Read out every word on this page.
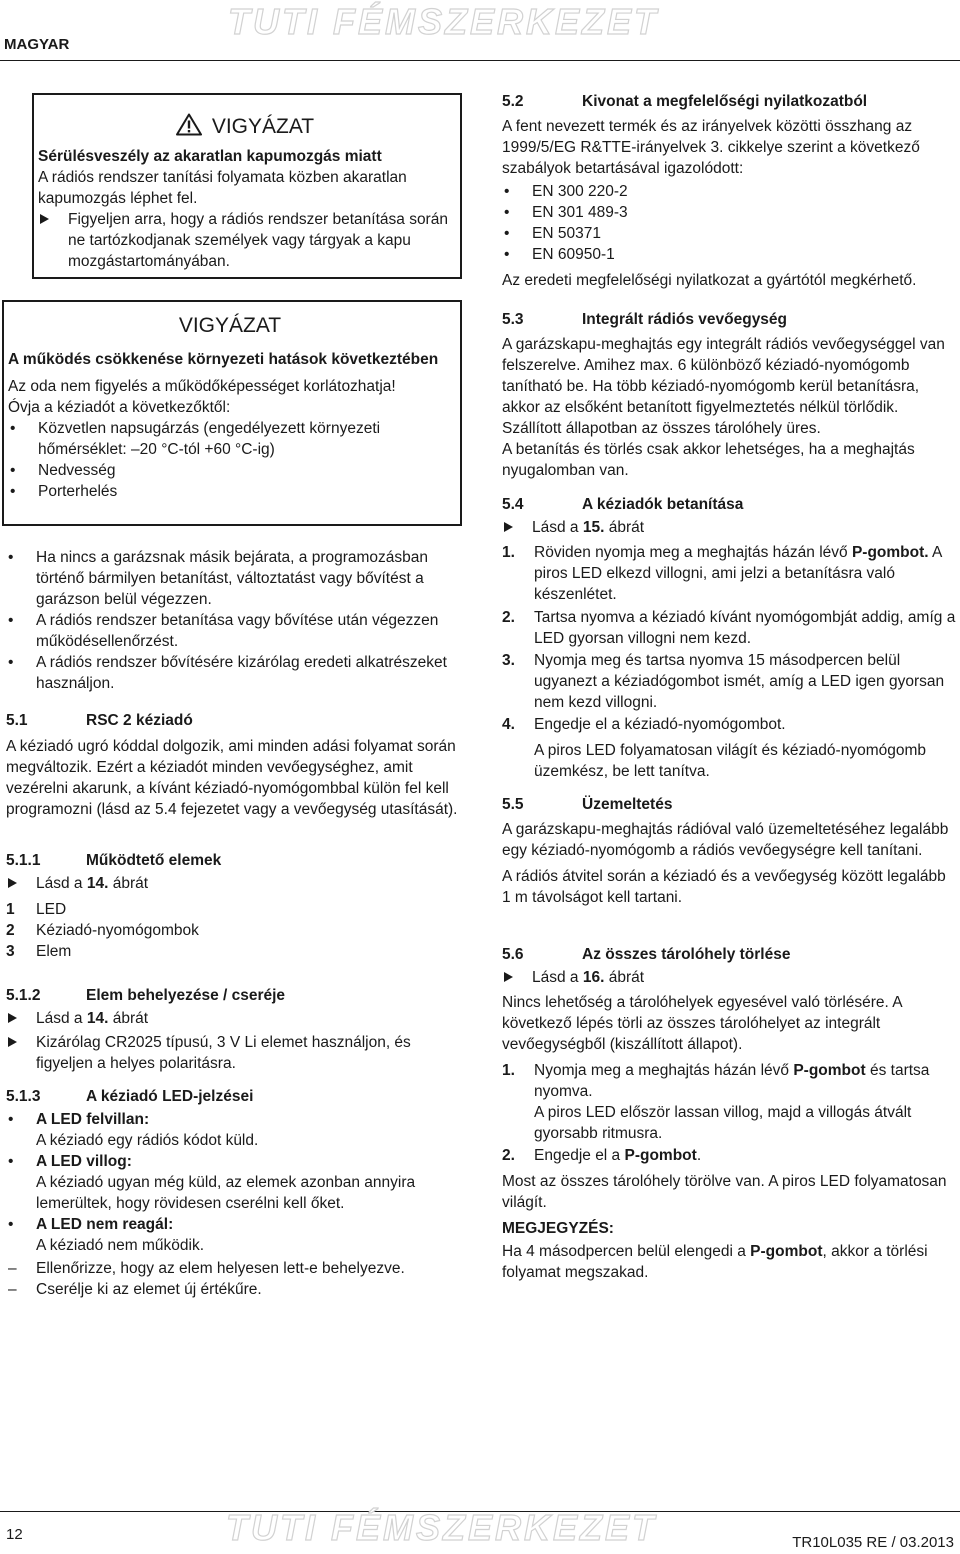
TUTI FÉMSZERKEZET
MAGYAR
VIGYÁZAT

Sérülésveszély az akaratlan kapumozgás miatt

A rádiós rendszer tanítási folyamata közben akaratlan kapumozgás léphet fel.

Figyeljen arra, hogy a rádiós rendszer betanítása során ne tartózkodjanak személyek vagy tárgyak a kapu mozgástartományában.
VIGYÁZAT

A működés csökkenése környezeti hatások következtében

Az oda nem figyelés a működőképességet korlátozhatja!

Óvja a kéziadót a következőktől:

• Közvetlen napsugárzás (engedélyezett környezeti hőmérséklet: –20 °C-tól +60 °C-ig)
• Nedvesség
• Porterhelés
• Ha nincs a garázsnak másik bejárata, a programozásban történő bármilyen betanítást, változtatást vagy bővítést a garázson belül végezzen.
• A rádiós rendszer betanítása vagy bővítése után végezzen működésellenőrzést.
• A rádiós rendszer bővítésére kizárólag eredeti alkatrészeket használjon.
5.1	RSC 2 kéziadó

A kéziadó ugró kóddal dolgozik, ami minden adási folyamat során megváltozik. Ezért a kéziadót minden vevőegységhez, amit vezérelni akarunk, a kívánt kéziadó-nyomógombbal külön fel kell programozni (lásd az 5.4 fejezetet vagy a vevőegység utasítását).

5.1.1	Működtető elemek
Lásd a 14. ábrát
1 LED
2 Kéziadó-nyomógombok
3 Elem
5.1.2	Elem behelyezése / cseréje
Lásd a 14. ábrát
Kizárólag CR2025 típusú, 3 V Li elemet használjon, és figyeljen a helyes polaritásra.
5.1.3	A kéziadó LED-jelzései
• A LED felvillan:
A kéziadó egy rádiós kódot küld.
• A LED villog:
A kéziadó ugyan még küld, az elemek azonban annyira lemerültek, hogy rövidesen cserélni kell őket.
• A LED nem reagál:
A kéziadó nem működik.
– Ellenőrizze, hogy az elem helyesen lett-e behelyezve.
– Cserélje ki az elemet új értékűre.
5.2	Kivonat a megfelelőségi nyilatkozatból

A fent nevezett termék és az irányelvek közötti összhang az 1999/5/EG R&TTE-irányelvek 3. cikkelye szerint a következő szabályok betartásával igazolódott:

• EN 300 220-2
• EN 301 489-3
• EN 50371
• EN 60950-1

Az eredeti megfelelőségi nyilatkozat a gyártótól megkérhető.

5.3	Integrált rádiós vevőegység

A garázskapu-meghajtás egy integrált rádiós vevőegységgel van felszerelve. Amihez max. 6 különböző kéziadó-nyomógomb tanítható be. Ha több kéziadó-nyomógomb kerül betanításra, akkor az elsőként betanított figyelmeztetés nélkül törlődik. Szállított állapotban az összes tárolóhely üres.

A betanítás és törlés csak akkor lehetséges, ha a meghajtás nyugalomban van.

5.4	A kéziadók betanítása
Lásd a 15. ábrát
1. Röviden nyomja meg a meghajtás házán lévő P-gombot. A piros LED elkezd villogni, ami jelzi a betanításra való készenlétet.
2. Tartsa nyomva a kéziadó kívánt nyomógombját addig, amíg a LED gyorsan villogni nem kezd.
3. Nyomja meg és tartsa nyomva 15 másodpercen belül ugyanezt a kéziadógombot ismét, amíg a LED igen gyorsan nem kezd villogni.
4. Engedje el a kéziadó-nyomógombot.

A piros LED folyamatosan világít és kéziadó-nyomógomb üzemkész, be lett tanítva.

5.5	Üzemeltetés

A garázskapu-meghajtás rádióval való üzemeltetéséhez legalább egy kéziadó-nyomógomb a rádiós vevőegységre kell tanítani.

A rádiós átvitel során a kéziadó és a vevőegység között legalább 1 m távolságot kell tartani.

5.6	Az összes tárolóhely törlése
Lásd a 16. ábrát

Nincs lehetőség a tárolóhelyek egyesével való törlésére. A következő lépés törli az összes tárolóhelyet az integrált vevőegységből (kiszállított állapot).

1. Nyomja meg a meghajtás házán lévő P-gombot és tartsa nyomva.

A piros LED először lassan villog, majd a villogás átvált gyorsabb ritmusra.

2. Engedje el a P-gombot.

Most az összes tárolóhely törölve van. A piros LED folyamatosan világít.

MEGJEGYZÉS:

Ha 4 másodpercen belül elengedi a P-gombot, akkor a törlési folyamat megszakad.

12	TUTI FÉMSZERKEZET	TR10L035 RE / 03.2013
